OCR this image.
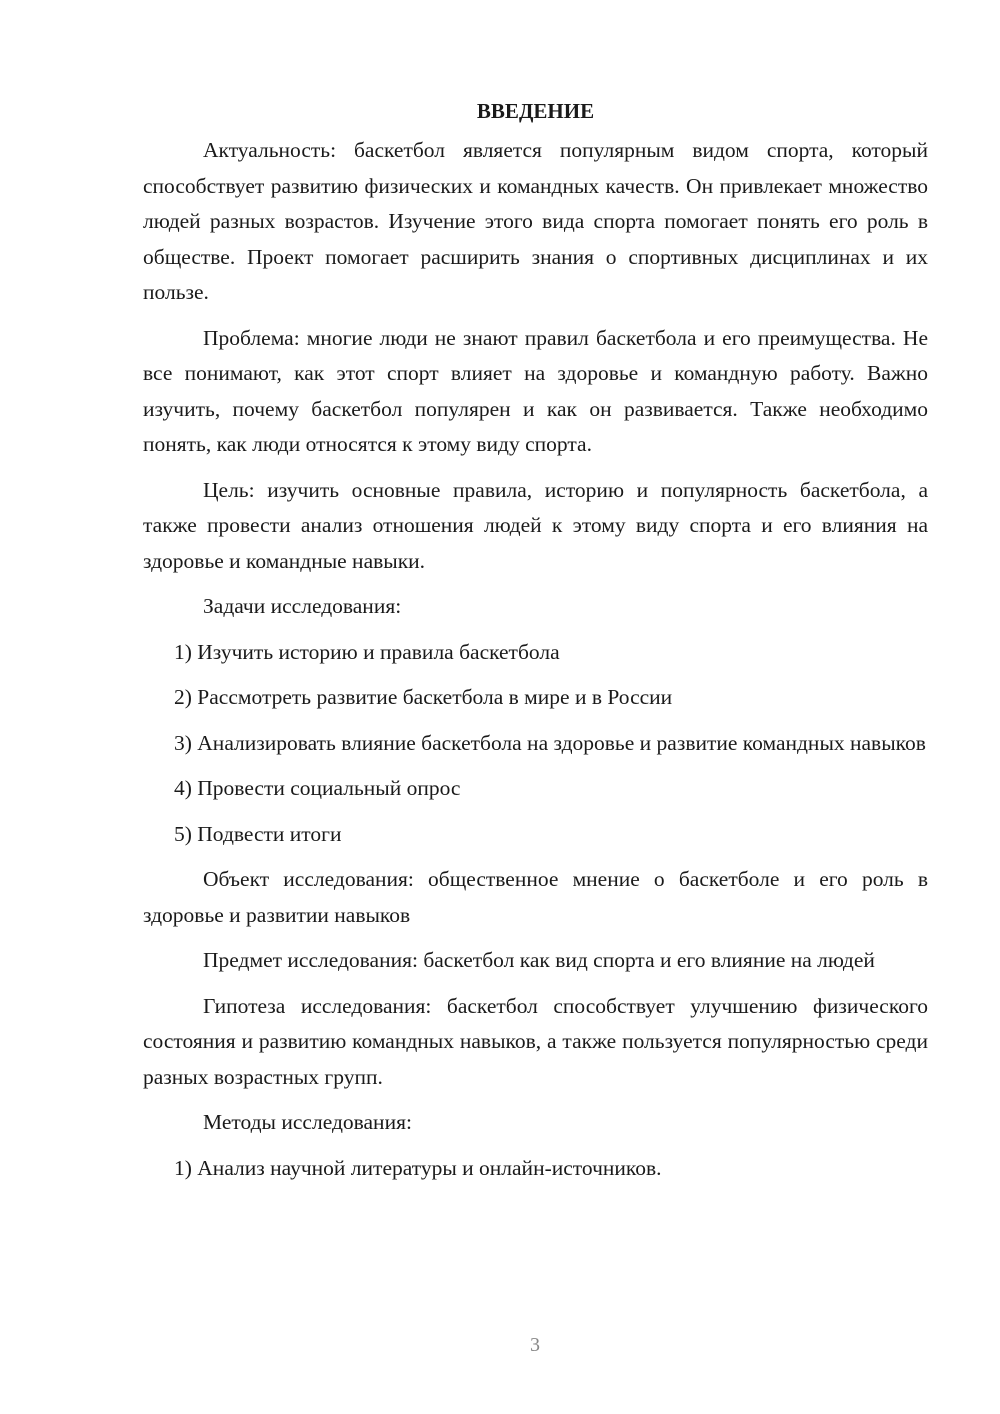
ВВЕДЕНИЕ

Актуальность: баскетбол является популярным видом спорта, который способствует развитию физических и командных качеств. Он привлекает множество людей разных возрастов. Изучение этого вида спорта помогает понять его роль в обществе. Проект помогает расширить знания о спортивных дисциплинах и их пользе.

Проблема: многие люди не знают правил баскетбола и его преимущества. Не все понимают, как этот спорт влияет на здоровье и командную работу. Важно изучить, почему баскетбол популярен и как он развивается. Также необходимо понять, как люди относятся к этому виду спорта.

Цель: изучить основные правила, историю и популярность баскетбола, а также провести анализ отношения людей к этому виду спорта и его влияния на здоровье и командные навыки.

Задачи исследования:

1) Изучить историю и правила баскетбола

2) Рассмотреть развитие баскетбола в мире и в России

3) Анализировать влияние баскетбола на здоровье и развитие командных навыков

4) Провести социальный опрос

5) Подвести итоги

Объект исследования: общественное мнение о баскетболе и его роль в здоровье и развитии навыков

Предмет исследования: баскетбол как вид спорта и его влияние на людей

Гипотеза исследования: баскетбол способствует улучшению физического состояния и развитию командных навыков, а также пользуется популярностью среди разных возрастных групп.

Методы исследования:

1) Анализ научной литературы и онлайн-источников.

3
